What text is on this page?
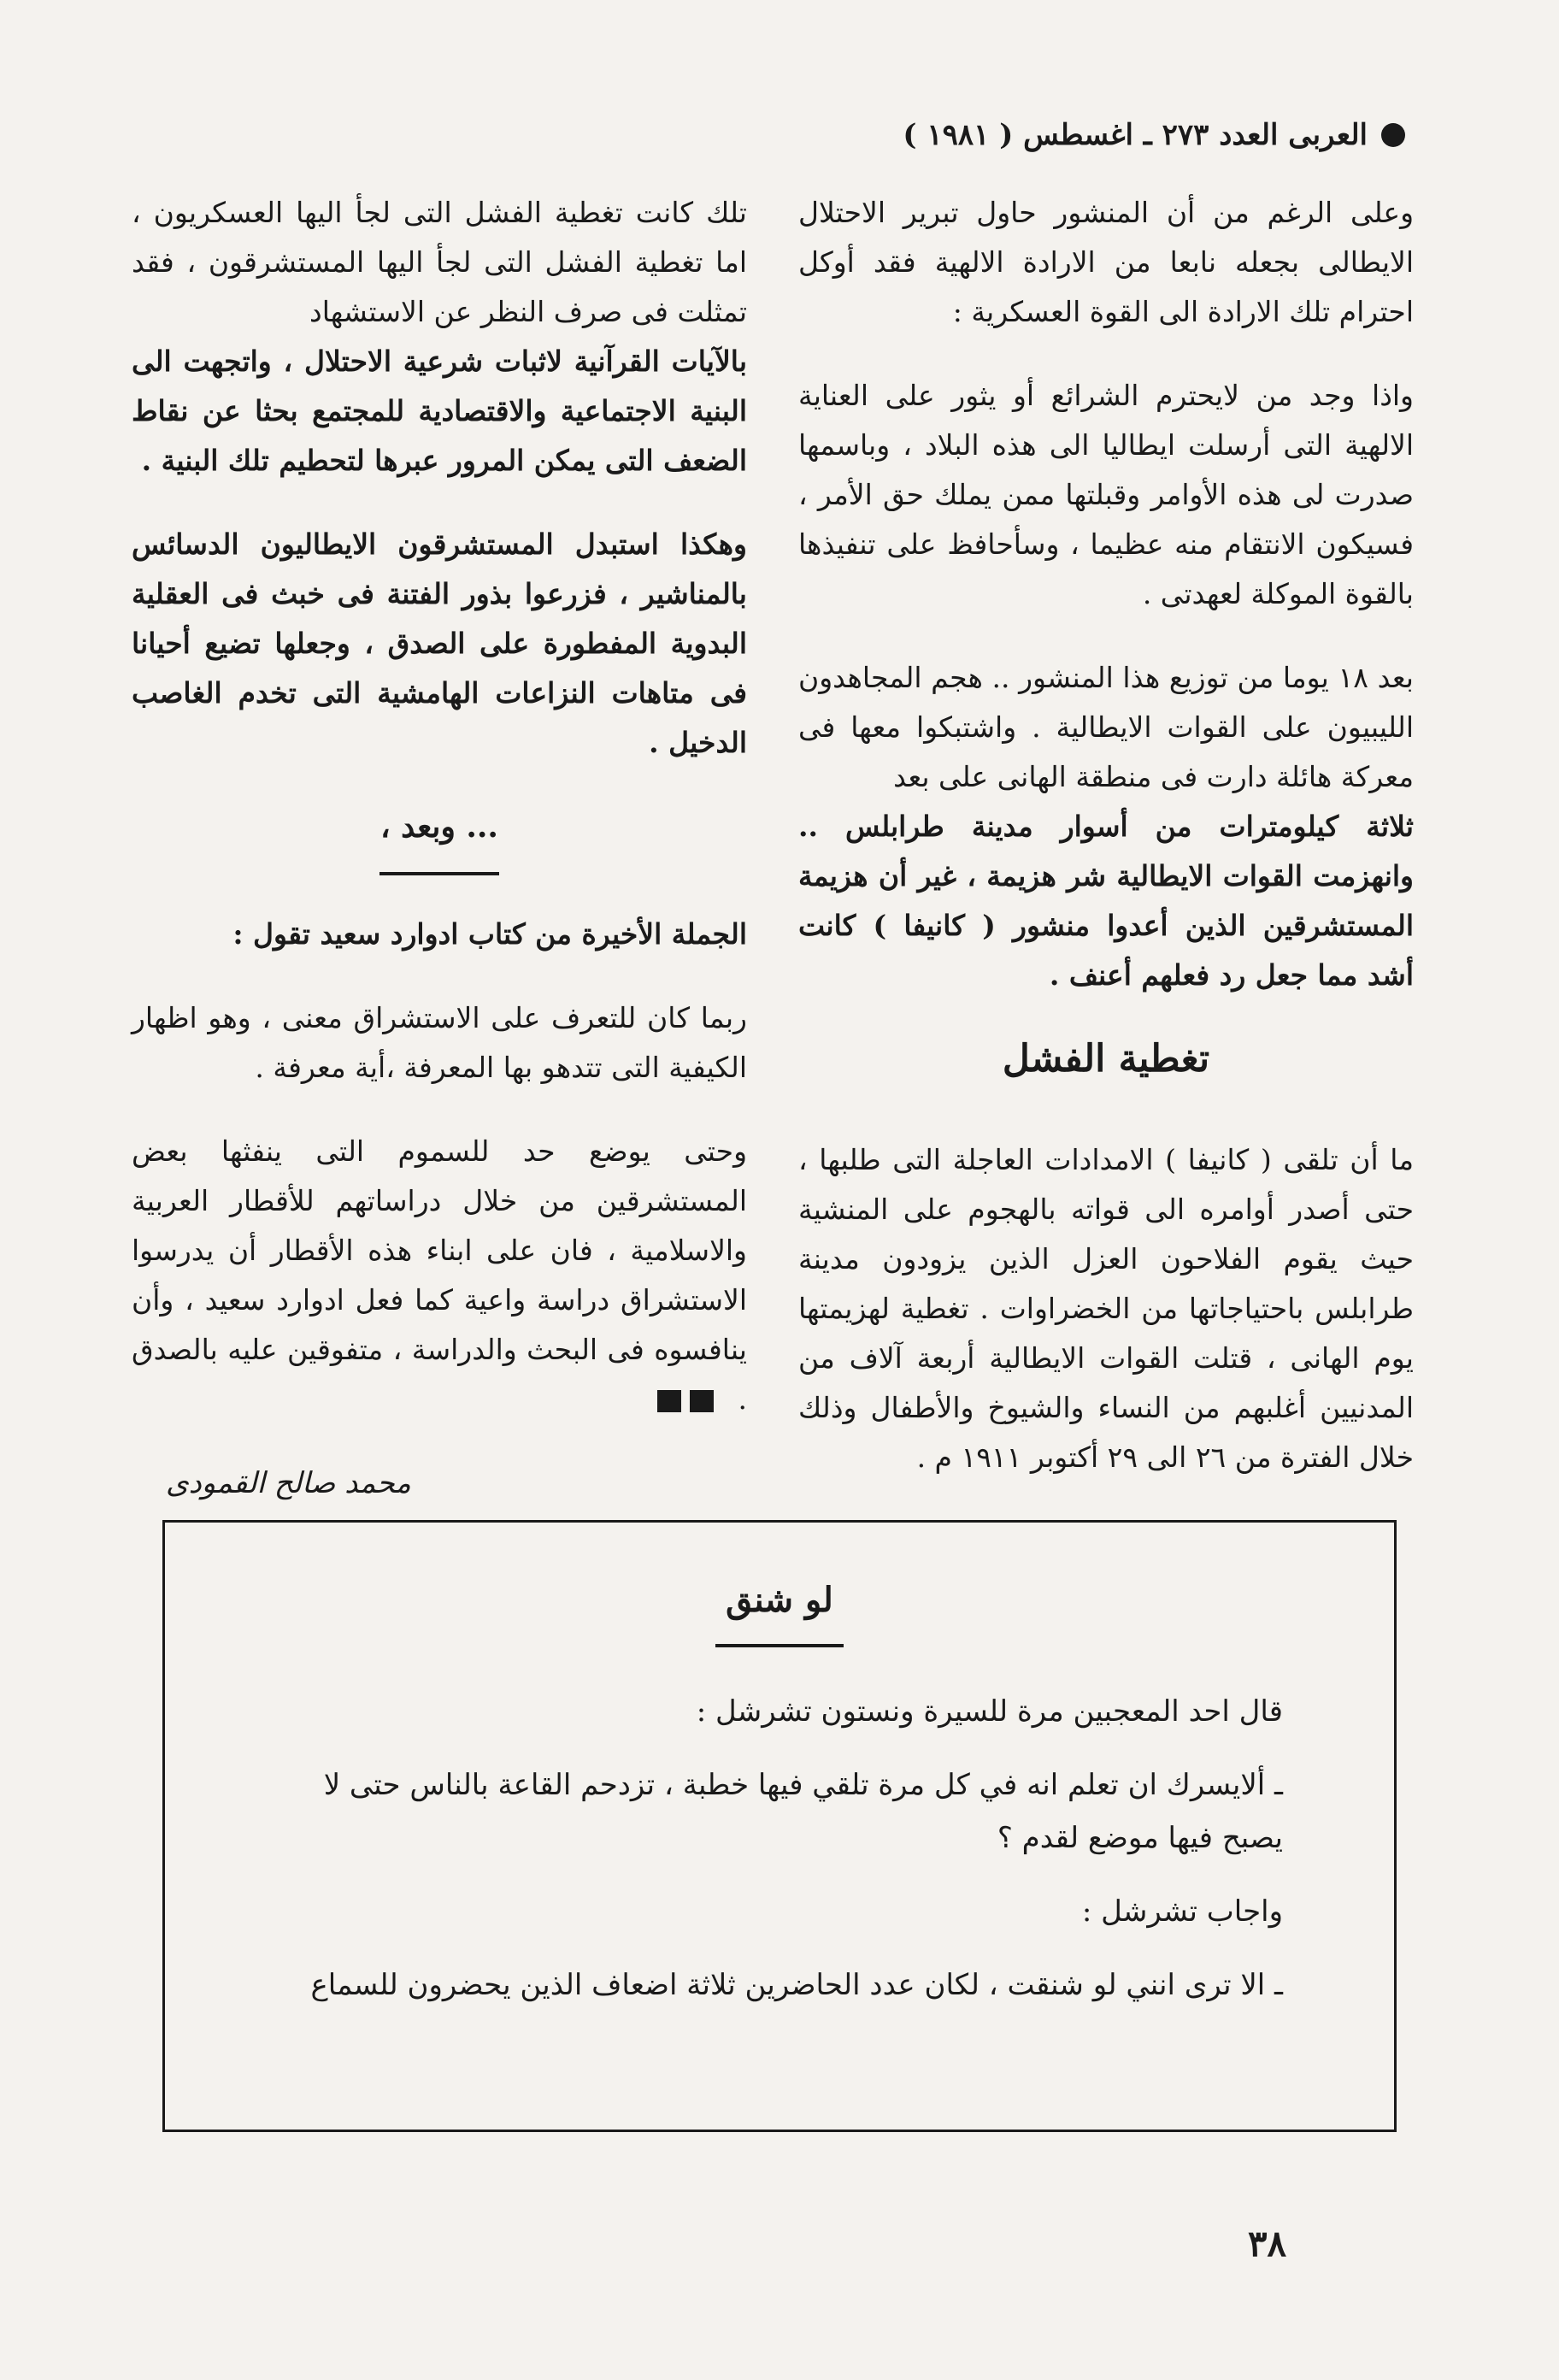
العربى العدد ٢٧٣ ـ اغسطس ( ١٩٨١ )

وعلى الرغم من أن المنشور حاول تبرير الاحتلال الايطالى بجعله نابعا من الارادة الالهية فقد أوكل احترام تلك الارادة الى القوة العسكرية :

واذا وجد من لايحترم الشرائع أو يثور على العناية الالهية التى أرسلت ايطاليا الى هذه البلاد ، وباسمها صدرت لى هذه الأوامر وقبلتها ممن يملك حق الأمر ، فسيكون الانتقام منه عظيما ، وسأحافظ على تنفيذها بالقوة الموكلة لعهدتى .

بعد ١٨ يوما من توزيع هذا المنشور .. هجم المجاهدون الليبيون على القوات الايطالية . واشتبكوا معها فى معركة هائلة دارت فى منطقة الهانى على بعد

ثلاثة كيلومترات من أسوار مدينة طرابلس .. وانهزمت القوات الايطالية شر هزيمة ، غير أن هزيمة المستشرقين الذين أعدوا منشور ( كانيفا ) كانت أشد مما جعل رد فعلهم أعنف .

تغطية الفشل

ما أن تلقى ( كانيفا ) الامدادات العاجلة التى طلبها ، حتى أصدر أوامره الى قواته بالهجوم على المنشية حيث يقوم الفلاحون العزل الذين يزودون مدينة طرابلس باحتياجاتها من الخضراوات . تغطية لهزيمتها يوم الهانى ، قتلت القوات الايطالية أربعة آلاف من المدنيين أغلبهم من النساء والشيوخ والأطفال وذلك خلال الفترة من ٢٦ الى ٢٩ أكتوبر ١٩١١ م .

تلك كانت تغطية الفشل التى لجأ اليها العسكريون ، اما تغطية الفشل التى لجأ اليها المستشرقون ، فقد تمثلت فى صرف النظر عن الاستشهاد

بالآيات القرآنية لاثبات شرعية الاحتلال ، واتجهت الى البنية الاجتماعية والاقتصادية للمجتمع بحثا عن نقاط الضعف التى يمكن المرور عبرها لتحطيم تلك البنية .

وهكذا استبدل المستشرقون الايطاليون الدسائس بالمناشير ، فزرعوا بذور الفتنة فى خبث فى العقلية البدوية المفطورة على الصدق ، وجعلها تضيع أحيانا فى متاهات النزاعات الهامشية التى تخدم الغاصب الدخيل .

... وبعد ،

الجملة الأخيرة من كتاب ادوارد سعيد تقول :

ربما كان للتعرف على الاستشراق معنى ، وهو اظهار الكيفية التى تتدهو بها المعرفة ،أية معرفة .

وحتى يوضع حد للسموم التى ينفثها بعض المستشرقين من خلال دراساتهم للأقطار العربية والاسلامية ، فان على ابناء هذه الأقطار أن يدرسوا الاستشراق دراسة واعية كما فعل ادوارد سعيد ، وأن ينافسوه فى البحث والدراسة ، متفوقين عليه بالصدق .

محمد صالح القمودى
لو شنق

قال احد المعجبين مرة للسيرة ونستون تشرشل :

ـ ألايسرك ان تعلم انه في كل مرة تلقي فيها خطبة ، تزدحم القاعة بالناس حتى لا يصبح فيها موضع لقدم ؟

واجاب تشرشل :

ـ الا ترى انني لو شنقت ، لكان عدد الحاضرين ثلاثة اضعاف الذين يحضرون للسماع

٣٨
